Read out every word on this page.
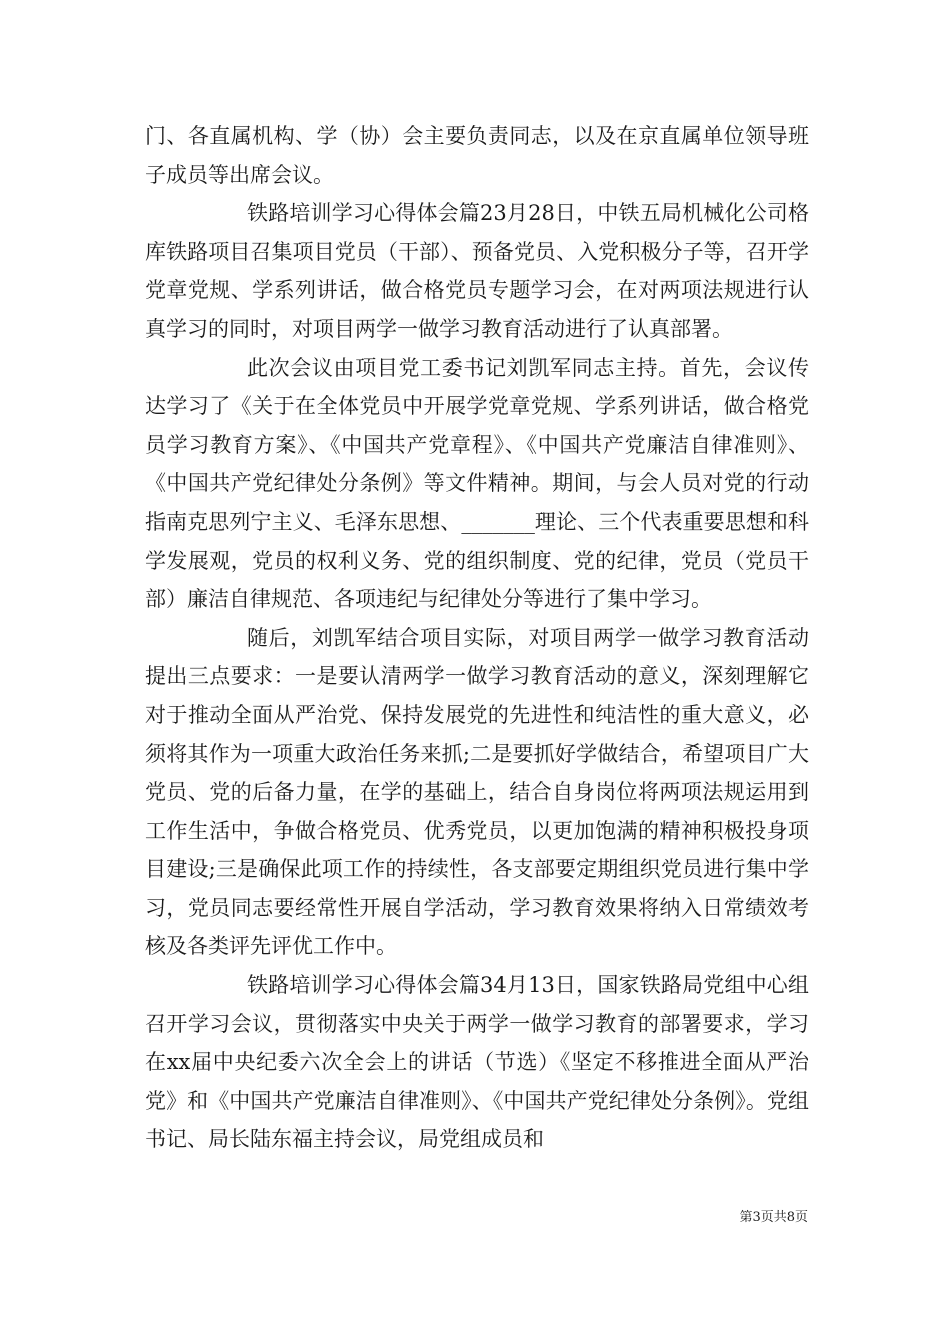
门、各直属机构、学（协）会主要负责同志，以及在京直属单位领导班子成员等出席会议。

铁路培训学习心得体会篇23月28日，中铁五局机械化公司格库铁路项目召集项目党员（干部）、预备党员、入党积极分子等，召开学党章党规、学系列讲话，做合格党员专题学习会，在对两项法规进行认真学习的同时，对项目两学一做学习教育活动进行了认真部署。

此次会议由项目党工委书记刘凯军同志主持。首先，会议传达学习了《关于在全体党员中开展学党章党规、学系列讲话，做合格党员学习教育方案》、《中国共产党章程》、《中国共产党廉洁自律准则》、《中国共产党纪律处分条例》等文件精神。期间，与会人员对党的行动指南克思列宁主义、毛泽东思想、_______理论、三个代表重要思想和科学发展观，党员的权利义务、党的组织制度、党的纪律，党员（党员干部）廉洁自律规范、各项违纪与纪律处分等进行了集中学习。

随后，刘凯军结合项目实际，对项目两学一做学习教育活动提出三点要求：一是要认清两学一做学习教育活动的意义，深刻理解它对于推动全面从严治党、保持发展党的先进性和纯洁性的重大意义，必须将其作为一项重大政治任务来抓;二是要抓好学做结合，希望项目广大党员、党的后备力量，在学的基础上，结合自身岗位将两项法规运用到工作生活中，争做合格党员、优秀党员，以更加饱满的精神积极投身项目建设;三是确保此项工作的持续性，各支部要定期组织党员进行集中学习，党员同志要经常性开展自学活动，学习教育效果将纳入日常绩效考核及各类评先评优工作中。

铁路培训学习心得体会篇34月13日，国家铁路局党组中心组召开学习会议，贯彻落实中央关于两学一做学习教育的部署要求，学习在xx届中央纪委六次全会上的讲话（节选）《坚定不移推进全面从严治党》和《中国共产党廉洁自律准则》、《中国共产党纪律处分条例》。党组书记、局长陆东福主持会议，局党组成员和

第3页共8页
